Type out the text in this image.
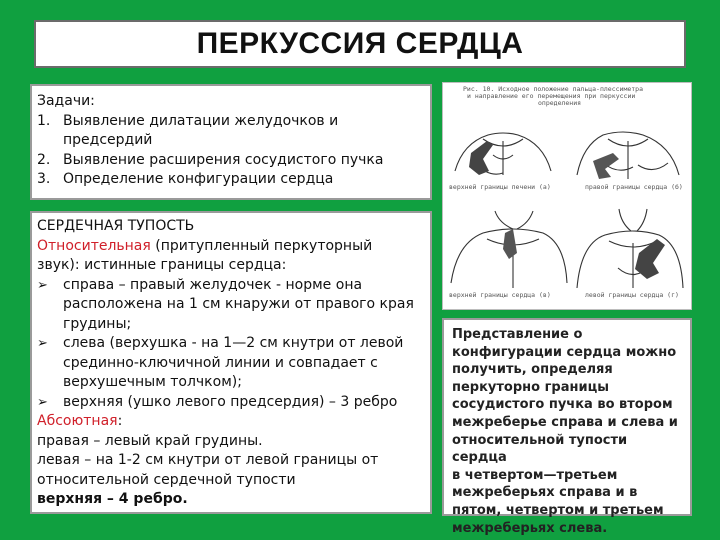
ПЕРКУССИЯ СЕРДЦА
Задачи:
1. Выявление дилатации желудочков и
предсердий
2. Выявление расширения сосудистого пучка
3. Определение конфигурации сердца
СЕРДЕЧНАЯ ТУПОСТЬ
Относительная (притупленный перкуторный
звук): истинные границы сердца:
➢	справа – правый желудочек - норме она
расположена на 1 см кнаружи от правого края
грудины;
➢	слева (верхушка - на 1—2 см кнутри от левой
срединно-ключичной линии и совпадает с
верхушечным толчком);
➢	верхняя (ушко левого предсердия) – 3 ребро
Абсоютная:
правая – левый край грудины.
левая – на 1-2 см кнутри от левой границы от
относительной сердечной тупости
верхняя – 4 ребро.
Рис. 10. Исходное положение пальца-плессиметра
и направление его перемещения при перкуссии
определения
верхней границы печени (а)	правой границы сердца (б)
верхней границы сердца (в)	левой границы сердца (г)
Представление о
конфигурации сердца можно
получить, определяя
перкуторно границы
сосудистого пучка во втором
межреберье справа и слева и
относительной тупости сердца
в четвертом—третьем
межреберьях справа и в
пятом, четвертом и третьем
межреберьях слева.
